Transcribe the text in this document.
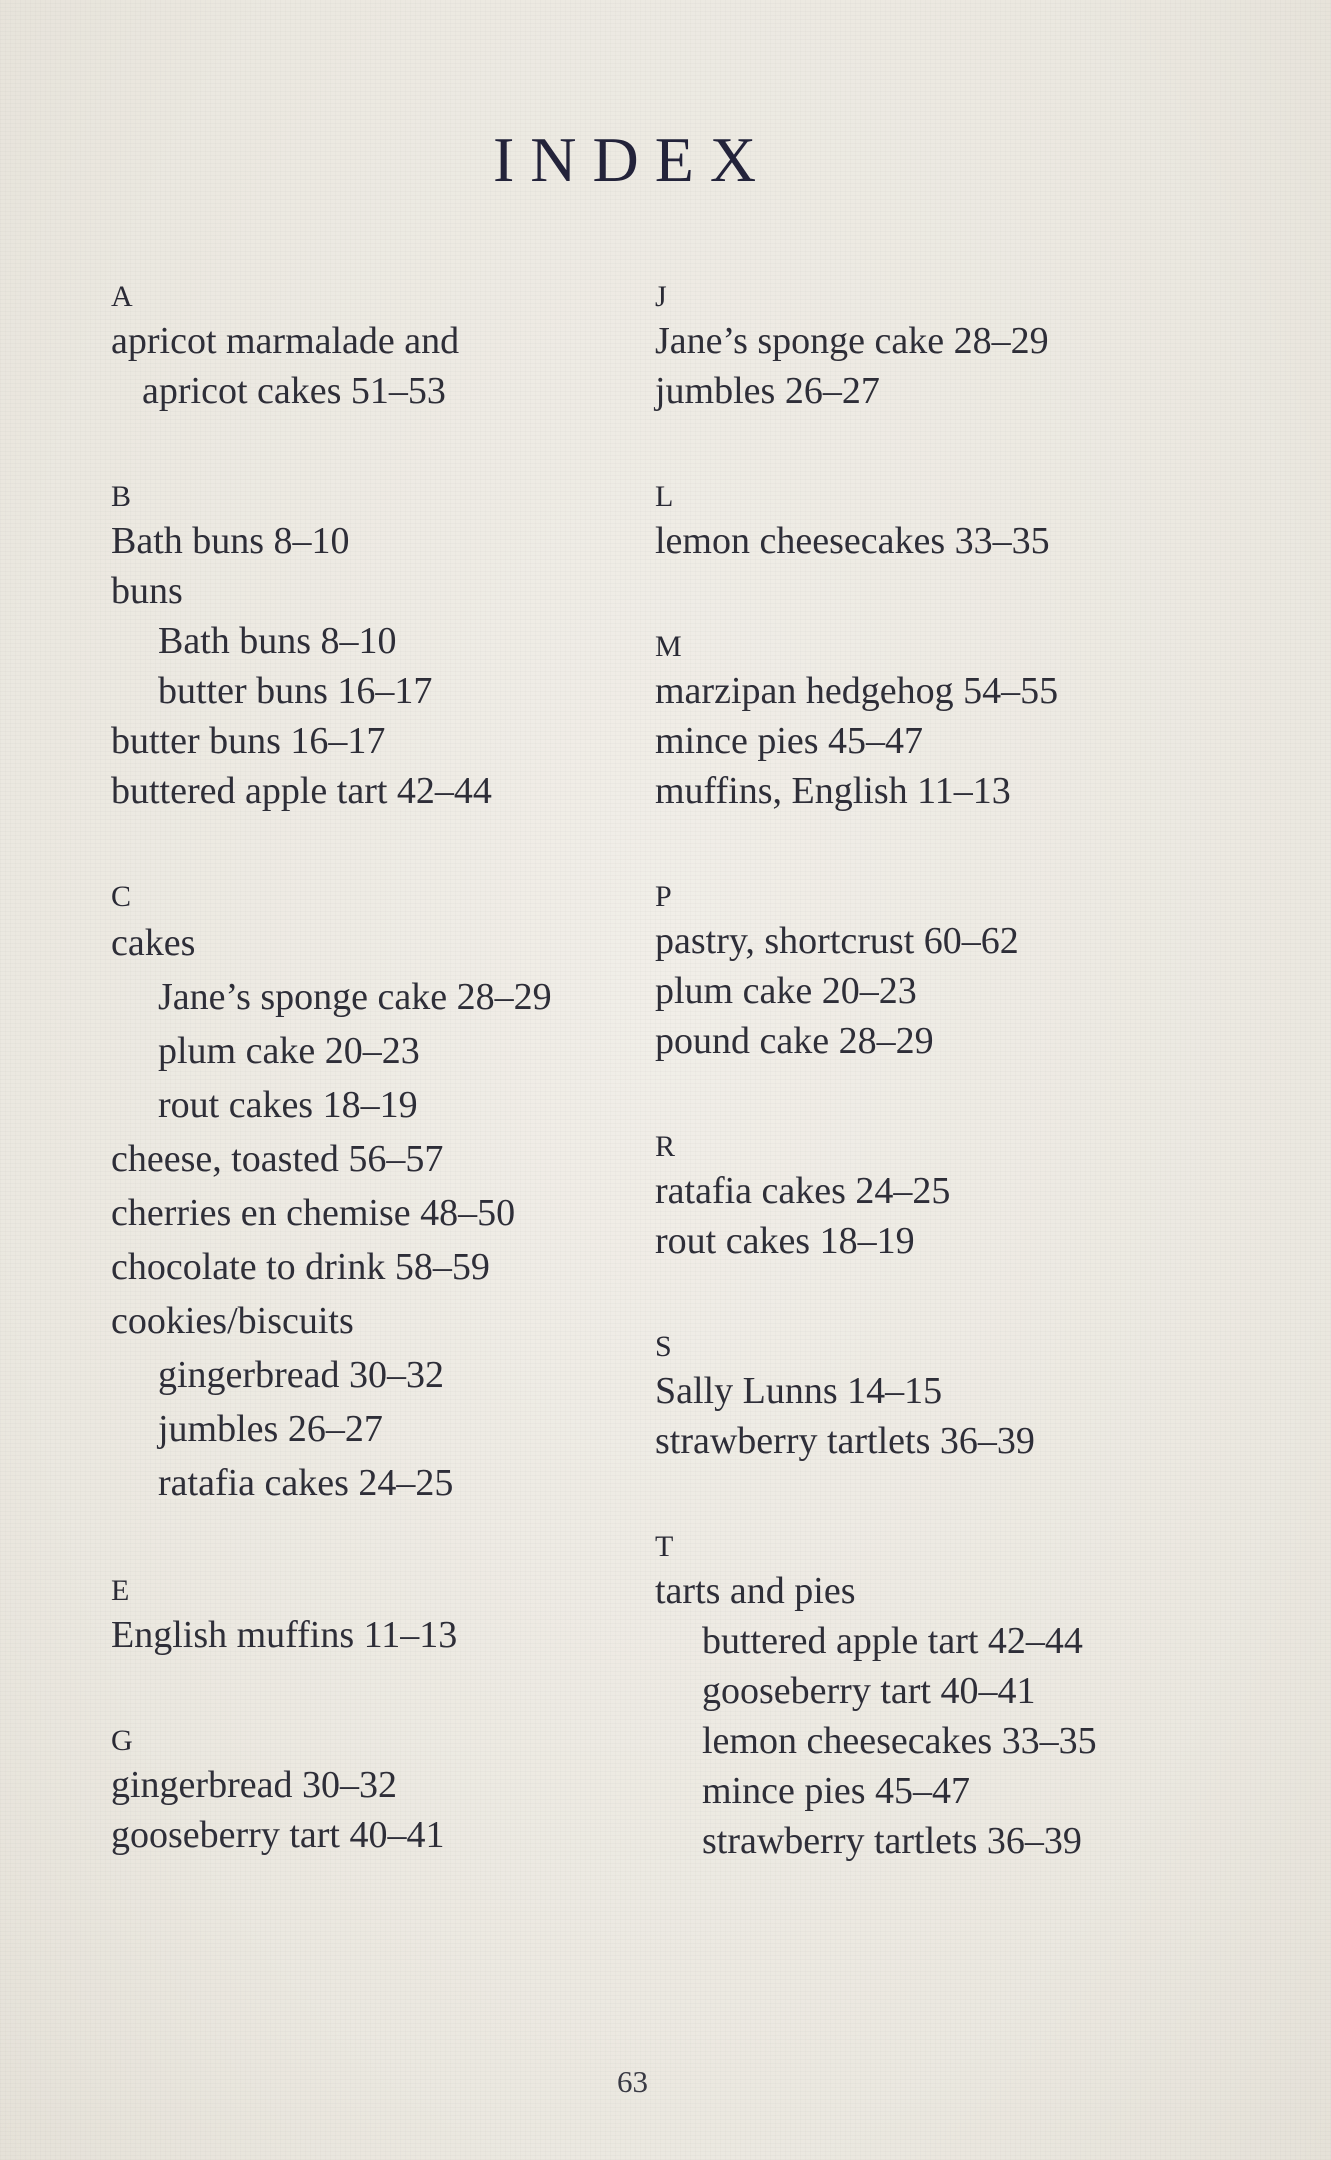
INDEX
A
apricot marmalade and
apricot cakes 51–53
B
Bath buns 8–10
buns
Bath buns 8–10
butter buns 16–17
butter buns 16–17
buttered apple tart 42–44
C
cakes
Jane’s sponge cake 28–29
plum cake 20–23
rout cakes 18–19
cheese, toasted 56–57
cherries en chemise 48–50
chocolate to drink 58–59
cookies/biscuits
gingerbread 30–32
jumbles 26–27
ratafia cakes 24–25
E
English muffins 11–13
G
gingerbread 30–32
gooseberry tart 40–41
J
Jane’s sponge cake 28–29
jumbles 26–27
L
lemon cheesecakes 33–35
M
marzipan hedgehog 54–55
mince pies 45–47
muffins, English 11–13
P
pastry, shortcrust 60–62
plum cake 20–23
pound cake 28–29
R
ratafia cakes 24–25
rout cakes 18–19
S
Sally Lunns 14–15
strawberry tartlets 36–39
T
tarts and pies
buttered apple tart 42–44
gooseberry tart 40–41
lemon cheesecakes 33–35
mince pies 45–47
strawberry tartlets 36–39
63
